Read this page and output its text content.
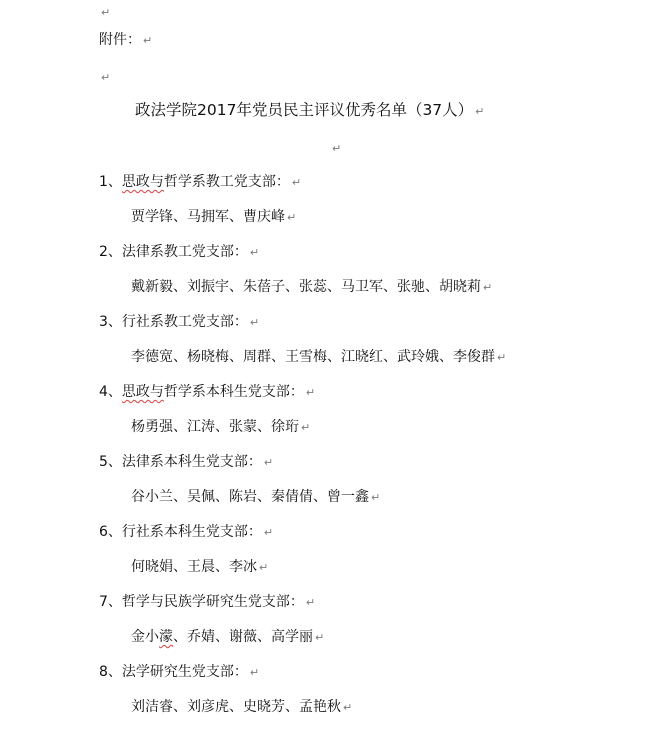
↵
附件： ↵
↵
政法学院2017年党员民主评议优秀名单（37人） ↵
↵
1、思政与哲学系教工党支部： ↵
贾学锋、马拥军、曹庆峰 ↵
2、法律系教工党支部： ↵
戴新毅、刘振宇、朱蓓子、张蕊、马卫军、张驰、胡晓莉 ↵
3、行社系教工党支部： ↵
李德宽、杨晓梅、周群、王雪梅、江晓红、武玲娥、李俊群 ↵
4、思政与哲学系本科生党支部： ↵
杨勇强、江涛、张蒙、徐珩 ↵
5、法律系本科生党支部： ↵
谷小兰、吴佩、陈岩、秦倩倩、曾一鑫 ↵
6、行社系本科生党支部： ↵
何晓娟、王晨、李冰 ↵
7、哲学与民族学研究生党支部： ↵
金小濛、乔婧、谢薇、高学丽 ↵
8、法学研究生党支部： ↵
刘洁睿、刘彦虎、史晓芳、孟艳秋 ↵
